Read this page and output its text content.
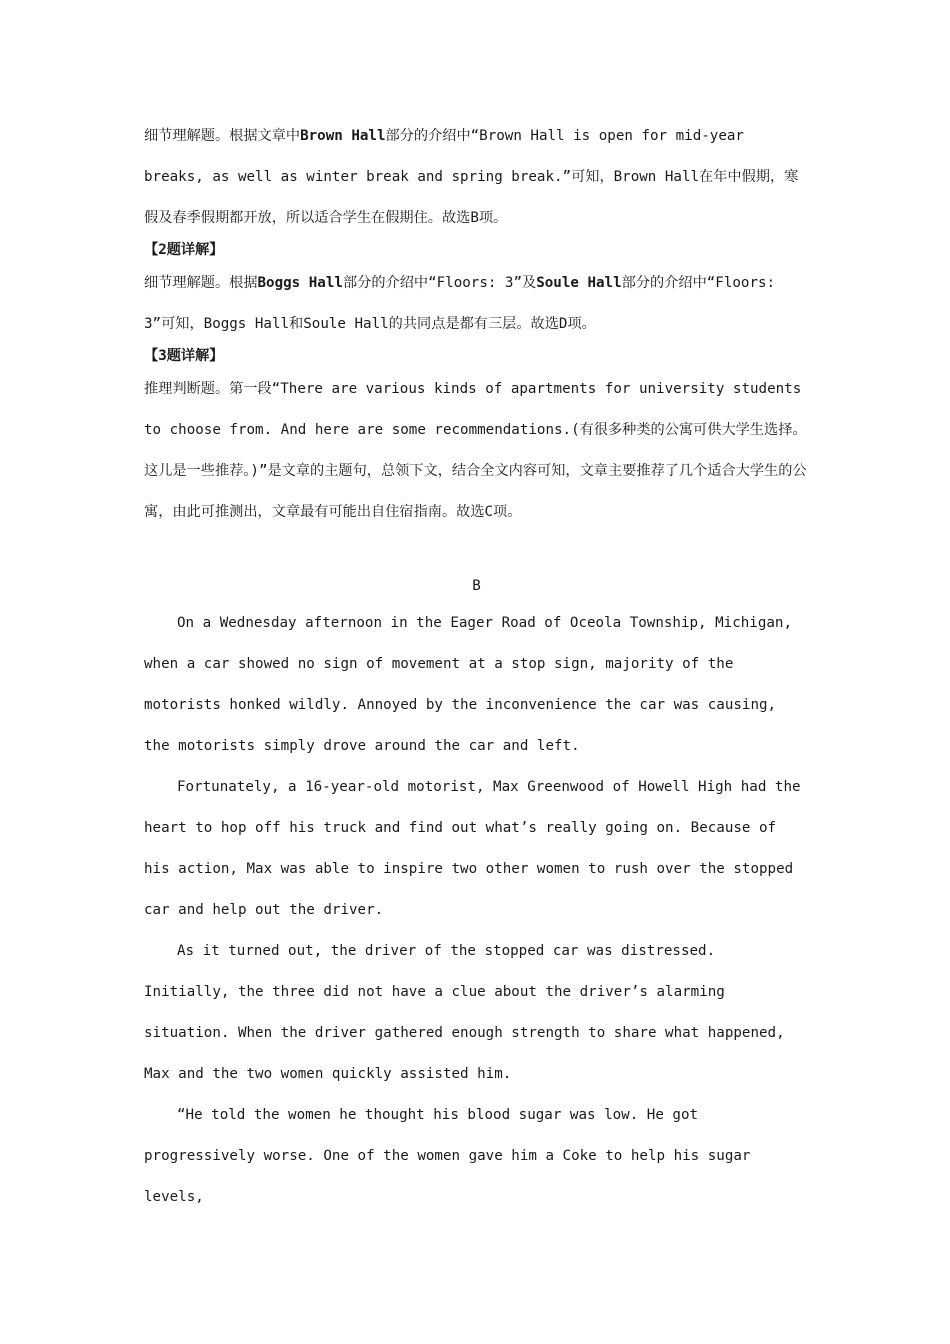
细节理解题。根据文章中Brown Hall部分的介绍中“Brown Hall is open for mid-year breaks, as well as winter break and spring break.”可知，Brown Hall在年中假期，寒假及春季假期都开放，所以适合学生在假期住。故选B项。

【2题详解】

细节理解题。根据Boggs Hall部分的介绍中“Floors: 3”及Soule Hall部分的介绍中“Floors: 3”可知，Boggs Hall和Soule Hall的共同点是都有三层。故选D项。

【3题详解】

推理判断题。第一段“There are various kinds of apartments for university students to choose from. And here are some recommendations.(有很多种类的公寓可供大学生选择。这儿是一些推荐。)”是文章的主题句，总领下文，结合全文内容可知，文章主要推荐了几个适合大学生的公寓，由此可推测出，文章最有可能出自住宿指南。故选C项。

B

On a Wednesday afternoon in the Eager Road of Oceola Township, Michigan, when a car showed no sign of movement at a stop sign, majority of the motorists honked wildly. Annoyed by the inconvenience the car was causing, the motorists simply drove around the car and left.

Fortunately, a 16-year-old motorist, Max Greenwood of Howell High had the heart to hop off his truck and find out what’s really going on. Because of his action, Max was able to inspire two other women to rush over the stopped car and help out the driver.

As it turned out, the driver of the stopped car was distressed. Initially, the three did not have a clue about the driver’s alarming situation. When the driver gathered enough strength to share what happened, Max and the two women quickly assisted him.

“He told the women he thought his blood sugar was low. He got progressively worse. One of the women gave him a Coke to help his sugar levels,
